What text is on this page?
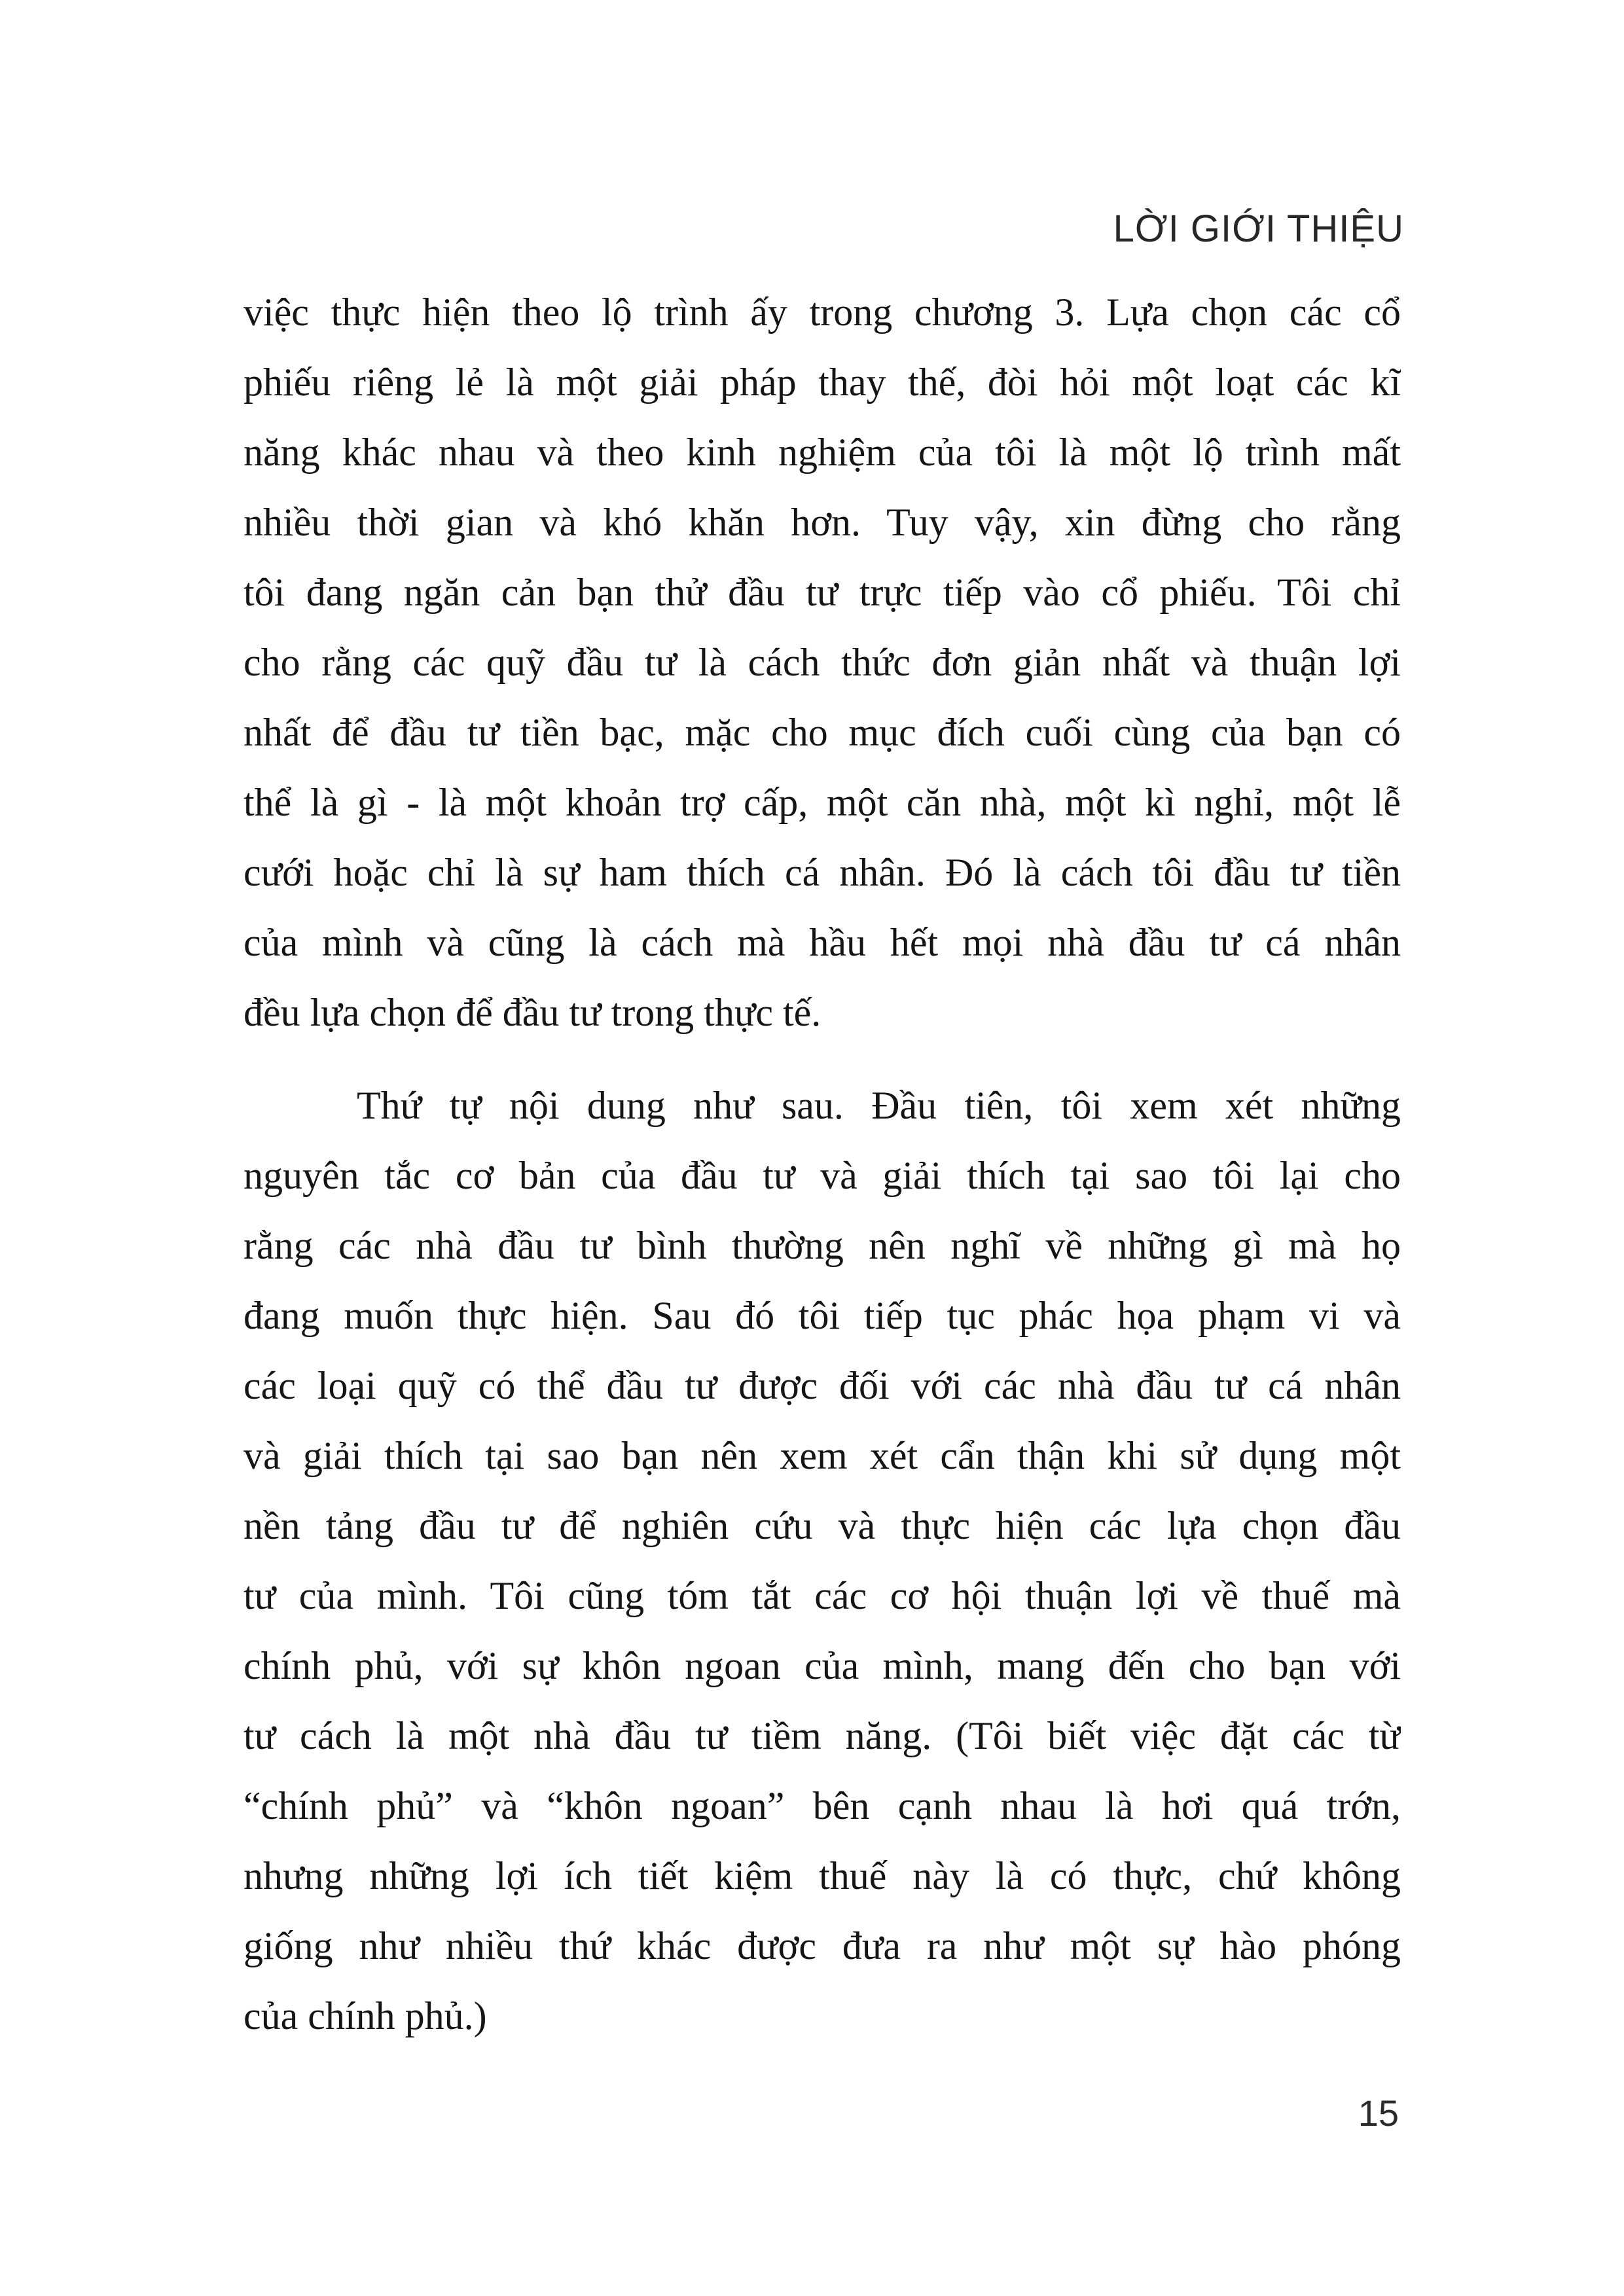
LỜI GIỚI THIỆU
việc thực hiện theo lộ trình ấy trong chương 3. Lựa chọn các cổ
phiếu riêng lẻ là một giải pháp thay thế, đòi hỏi một loạt các kĩ
năng khác nhau và theo kinh nghiệm của tôi là một lộ trình mất
nhiều thời gian và khó khăn hơn. Tuy vậy, xin đừng cho rằng
tôi đang ngăn cản bạn thử đầu tư trực tiếp vào cổ phiếu. Tôi chỉ
cho rằng các quỹ đầu tư là cách thức đơn giản nhất và thuận lợi
nhất để đầu tư tiền bạc, mặc cho mục đích cuối cùng của bạn có
thể là gì - là một khoản trợ cấp, một căn nhà, một kì nghỉ, một lễ
cưới hoặc chỉ là sự ham thích cá nhân. Đó là cách tôi đầu tư tiền
của mình và cũng là cách mà hầu hết mọi nhà đầu tư cá nhân
đều lựa chọn để đầu tư trong thực tế.
Thứ tự nội dung như sau. Đầu tiên, tôi xem xét những
nguyên tắc cơ bản của đầu tư và giải thích tại sao tôi lại cho
rằng các nhà đầu tư bình thường nên nghĩ về những gì mà họ
đang muốn thực hiện. Sau đó tôi tiếp tục phác họa phạm vi và
các loại quỹ có thể đầu tư được đối với các nhà đầu tư cá nhân
và giải thích tại sao bạn nên xem xét cẩn thận khi sử dụng một
nền tảng đầu tư để nghiên cứu và thực hiện các lựa chọn đầu
tư của mình. Tôi cũng tóm tắt các cơ hội thuận lợi về thuế mà
chính phủ, với sự khôn ngoan của mình, mang đến cho bạn với
tư cách là một nhà đầu tư tiềm năng. (Tôi biết việc đặt các từ
“chính phủ” và “khôn ngoan” bên cạnh nhau là hơi quá trớn,
nhưng những lợi ích tiết kiệm thuế này là có thực, chứ không
giống như nhiều thứ khác được đưa ra như một sự hào phóng
của chính phủ.)
15
